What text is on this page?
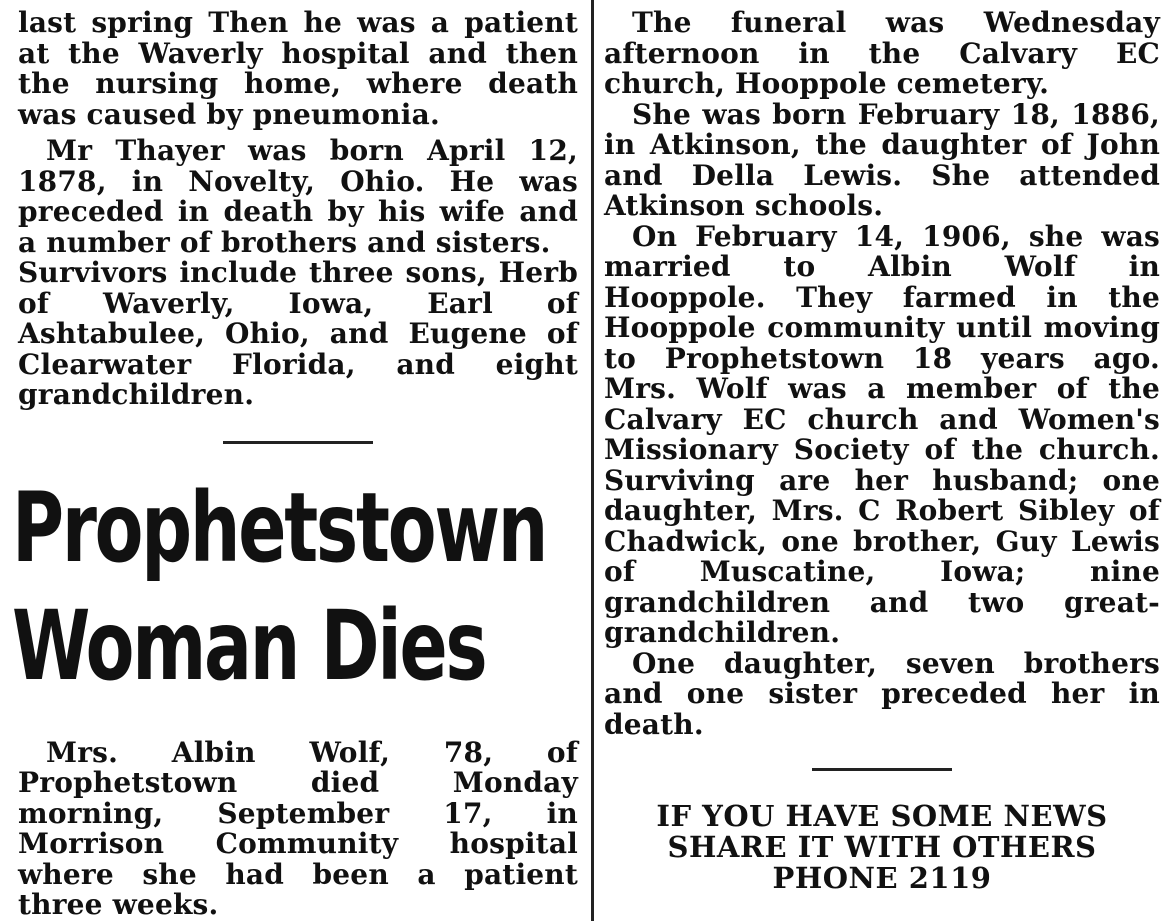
last spring Then he was a patient at the Waverly hospital and then the nursing home, where death was caused by pneumonia.

Mr Thayer was born April 12, 1878, in Novelty, Ohio. He was preceded in death by his wife and a number of brothers and sisters.

Survivors include three sons, Herb of Waverly, Iowa, Earl of Ashtabulee, Ohio, and Eugene of Clearwater Florida, and eight grandchildren.

Prophetstown

Woman Dies

Mrs. Albin Wolf, 78, of Prophetstown died Monday morning, September 17, in Morrison Community hospital where she had been a patient three weeks.

The funeral was Wednesday afternoon in the Calvary EC church, Hooppole cemetery.

She was born February 18, 1886, in Atkinson, the daughter of John and Della Lewis. She attended Atkinson schools.

On February 14, 1906, she was married to Albin Wolf in Hooppole. They farmed in the Hooppole community until moving to Prophetstown 18 years ago. Mrs. Wolf was a member of the Calvary EC church and Women's Missionary Society of the church. Surviving are her husband; one daughter, Mrs. C Robert Sibley of Chadwick, one brother, Guy Lewis of Muscatine, Iowa; nine grandchildren and two great-grandchildren.

One daughter, seven brothers and one sister preceded her in death.

IF YOU HAVE SOME NEWS

SHARE IT WITH OTHERS

PHONE 2119
